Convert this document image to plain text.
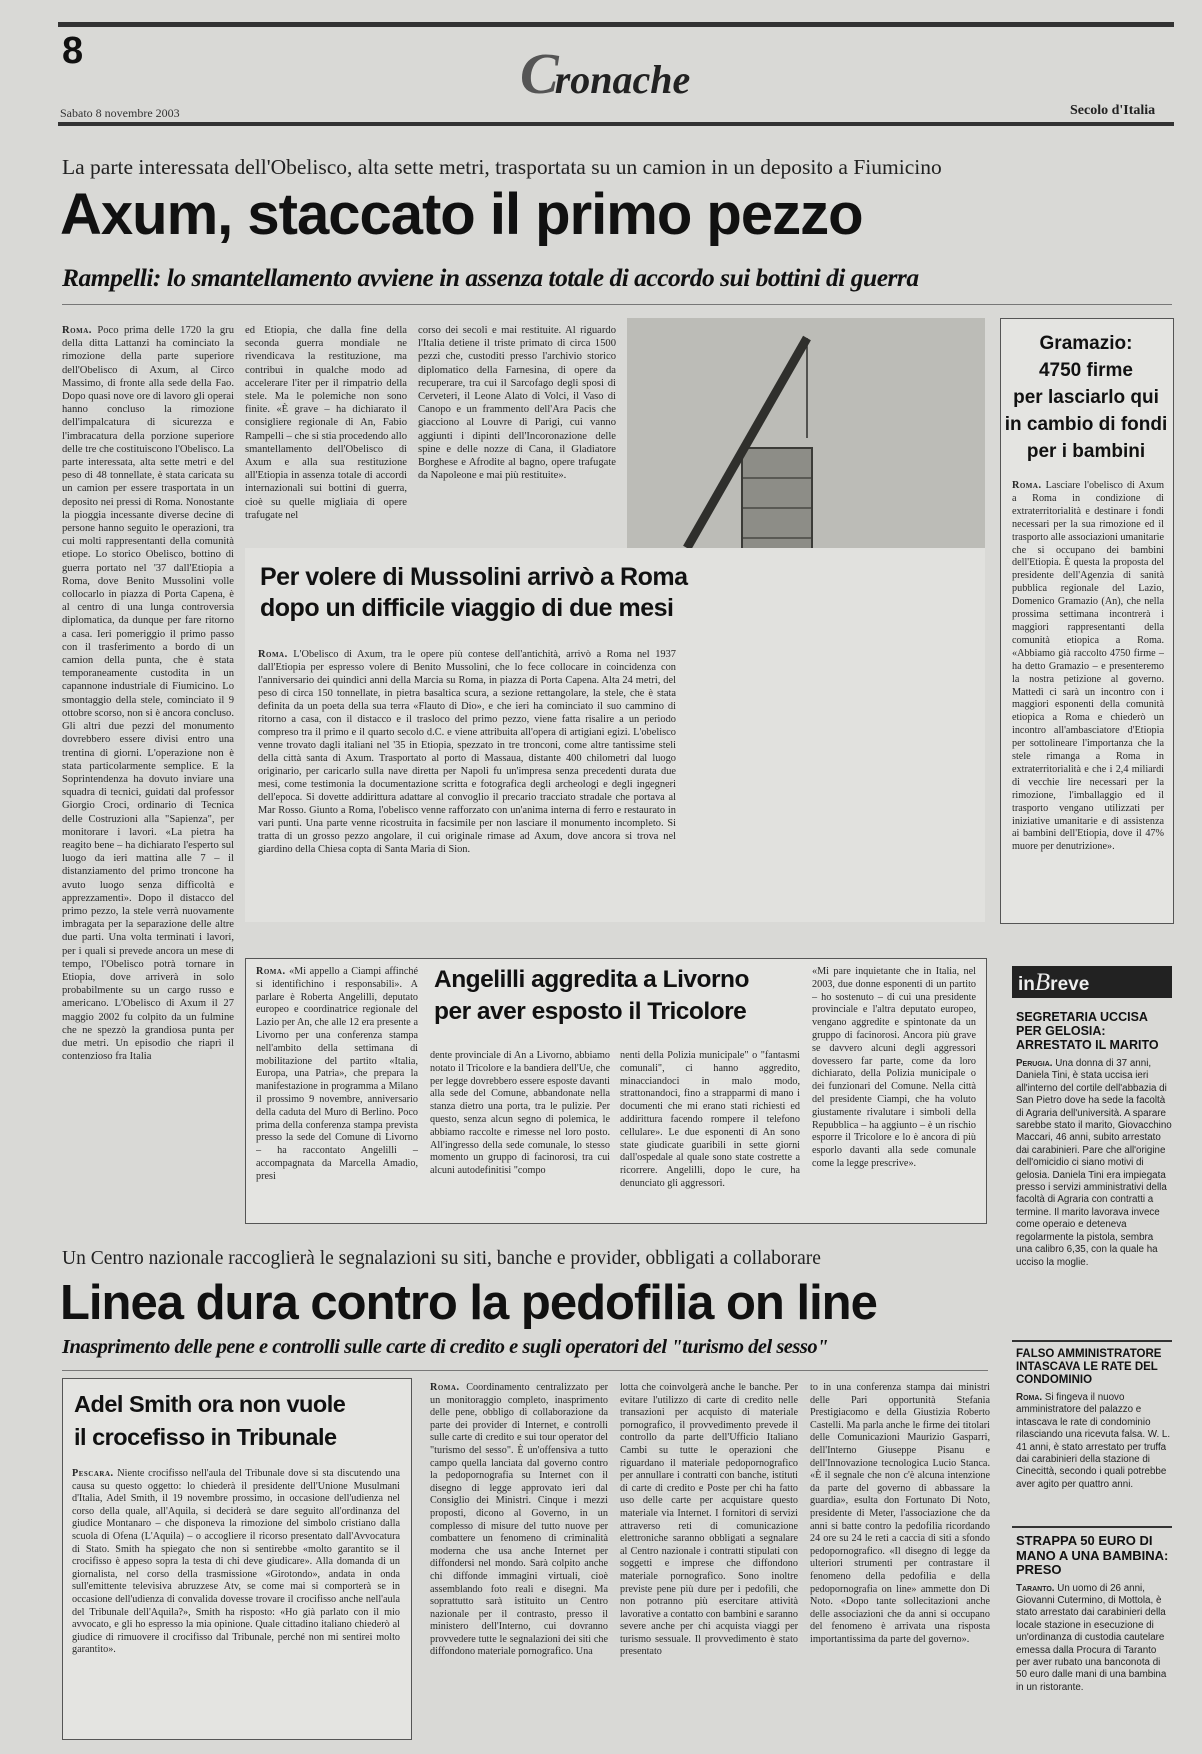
8	Cronache
Sabato 8 novembre 2003	Secolo d'Italia
La parte interessata dell'Obelisco, alta sette metri, trasportata su un camion in un deposito a Fiumicino
Axum, staccato il primo pezzo
Rampelli: lo smantellamento avviene in assenza totale di accordo sui bottini di guerra
Roma. Poco prima delle 1720 la gru della ditta Lattanzi ha cominciato la rimozione della parte superiore dell'Obelisco di Axum, al Circo Massimo, di fronte alla sede della Fao. Dopo quasi nove ore di lavoro gli operai hanno concluso la rimozione dell'impalcatura di sicurezza e l'imbracatura della porzione superiore delle tre che costituiscono l'Obelisco. La parte interessata, alta sette metri e del peso di 48 tonnellate, è stata caricata su un camion per essere trasportata in un deposito nei pressi di Roma. Nonostante la pioggia incessante diverse decine di persone hanno seguito le operazioni, tra cui molti rappresentanti della comunità etiope. Lo storico Obelisco, bottino di guerra portato nel '37 dall'Etiopia a Roma, dove Benito Mussolini volle collocarlo in piazza di Porta Capena, è al centro di una lunga controversia diplomatica, da dunque per fare ritorno a casa. Ieri pomeriggio il primo passo con il trasferimento a bordo di un camion della punta, che è stata temporaneamente custodita in un capannone industriale di Fiumicino. Lo smontaggio della stele, cominciato il 9 ottobre scorso, non si è ancora concluso. Gli altri due pezzi del monumento dovrebbero essere divisi entro una trentina di giorni. L'operazione non è stata particolarmente semplice. E la Soprintendenza ha dovuto inviare una squadra di tecnici, guidati dal professor Giorgio Croci, ordinario di Tecnica delle Costruzioni alla "Sapienza", per monitorare i lavori. «La pietra ha reagito bene – ha dichiarato l'esperto sul luogo da ieri mattina alle 7 – il distanziamento del primo troncone ha avuto luogo senza difficoltà e apprezzamenti». Dopo il distacco del primo pezzo, la stele verrà nuovamente imbragata per la separazione delle altre due parti. Una volta terminati i lavori, per i quali si prevede ancora un mese di tempo, l'Obelisco potrà tornare in Etiopia, dove arriverà in solo probabilmente su un cargo russo e americano. L'Obelisco di Axum il 27 maggio 2002 fu colpito da un fulmine che ne spezzò la grandiosa punta per due metri. Un episodio che riaprì il contenzioso fra Italia
ed Etiopia, che dalla fine della seconda guerra mondiale ne rivendicava la restituzione, ma contribuì in qualche modo ad accelerare l'iter per il rimpatrio della stele. Ma le polemiche non sono finite. «È grave – ha dichiarato il consigliere regionale di An, Fabio Rampelli – che si stia procedendo allo smantellamento dell'Obelisco di Axum e alla sua restituzione all'Etiopia in assenza totale di accordi internazionali sui bottini di guerra, cioè su quelle migliaia di opere trafugate nel
corso dei secoli e mai restituite. Al riguardo l'Italia detiene il triste primato di circa 1500 pezzi che, custoditi presso l'archivio storico diplomatico della Farnesina, di opere da recuperare, tra cui il Sarcofago degli sposi di Cerveteri, il Leone Alato di Volci, il Vaso di Canopo e un frammento dell'Ara Pacis che giacciono al Louvre di Parigi, cui vanno aggiunti i dipinti dell'Incoronazione delle spine e delle nozze di Cana, il Gladiatore Borghese e Afrodite al bagno, opere trafugate da Napoleone e mai più restituite».
Per volere di Mussolini arrivò a Roma
dopo un difficile viaggio di due mesi
Roma. L'Obelisco di Axum, tra le opere più contese dell'antichità, arrivò a Roma nel 1937 dall'Etiopia per espresso volere di Benito Mussolini, che lo fece collocare in coincidenza con l'anniversario dei quindici anni della Marcia su Roma, in piazza di Porta Capena. Alta 24 metri, del peso di circa 150 tonnellate, in pietra basaltica scura, a sezione rettangolare, la stele, che è stata definita da un poeta della sua terra «Flauto di Dio», e che ieri ha cominciato il suo cammino di ritorno a casa, con il distacco e il trasloco del primo pezzo, viene fatta risalire a un periodo compreso tra il primo e il quarto secolo d.C. e viene attribuita all'opera di artigiani egizi. L'obelisco venne trovato dagli italiani nel '35 in Etiopia, spezzato in tre tronconi, come altre tantissime steli della città santa di Axum. Trasportato al porto di Massaua, distante 400 chilometri dal luogo originario, per caricarlo sulla nave diretta per Napoli fu un'impresa senza precedenti durata due mesi, come testimonia la documentazione scritta e fotografica degli archeologi e degli ingegneri dell'epoca. Si dovette addirittura adattare al convoglio il precario tracciato stradale che portava al Mar Rosso. Giunto a Roma, l'obelisco venne rafforzato con un'anima interna di ferro e restaurato in vari punti. Una parte venne ricostruita in facsimile per non lasciare il monumento incompleto. Si tratta di un grosso pezzo angolare, il cui originale rimase ad Axum, dove ancora si trova nel giardino della Chiesa copta di Santa Maria di Sion.
Gramazio:
4750 firme
per lasciarlo qui
in cambio di fondi
per i bambini
Roma. Lasciare l'obelisco di Axum a Roma in condizione di extraterritorialità e destinare i fondi necessari per la sua rimozione ed il trasporto alle associazioni umanitarie che si occupano dei bambini dell'Etiopia. È questa la proposta del presidente dell'Agenzia di sanità pubblica regionale del Lazio, Domenico Gramazio (An), che nella prossima settimana incontrerà i maggiori rappresentanti della comunità etiopica a Roma. «Abbiamo già raccolto 4750 firme – ha detto Gramazio – e presenteremo la nostra petizione al governo. Mattedì ci sarà un incontro con i maggiori esponenti della comunità etiopica a Roma e chiederò un incontro all'ambasciatore d'Etiopia per sottolineare l'importanza che la stele rimanga a Roma in extraterritorialità e che i 2,4 miliardi di vecchie lire necessari per la rimozione, l'imballaggio ed il trasporto vengano utilizzati per iniziative umanitarie e di assistenza ai bambini dell'Etiopia, dove il 47% muore per denutrizione».
Roma. «Mi appello a Ciampi affinché si identifichino i responsabili». A parlare è Roberta Angelilli, deputato europeo e coordinatrice regionale del Lazio per An, che alle 12 era presente a Livorno per una conferenza stampa nell'ambito della settimana di mobilitazione del partito «Italia, Europa, una Patria», che prepara la manifestazione in programma a Milano il prossimo 9 novembre, anniversario della caduta del Muro di Berlino. Poco prima della conferenza stampa prevista presso la sede del Comune di Livorno – ha raccontato Angelilli – accompagnata da Marcella Amadio, presi
Angelilli aggredita a Livorno
per aver esposto il Tricolore
dente provinciale di An a Livorno, abbiamo notato il Tricolore e la bandiera dell'Ue, che per legge dovrebbero essere esposte davanti alla sede del Comune, abbandonate nella stanza dietro una porta, tra le pulizie. Per questo, senza alcun segno di polemica, le abbiamo raccolte e rimesse nel loro posto. All'ingresso della sede comunale, lo stesso momento un gruppo di facinorosi, tra cui alcuni autodefinitisi "compo
nenti della Polizia municipale" o "fantasmi comunali", ci hanno aggredito, minacciandoci in malo modo, strattonandoci, fino a strapparmi di mano i documenti che mi erano stati richiesti ed addirittura facendo rompere il telefono cellulare». Le due esponenti di An sono state giudicate guaribili in sette giorni dall'ospedale al quale sono state costrette a ricorrere. Angelilli, dopo le cure, ha denunciato gli aggressori.
«Mi pare inquietante che in Italia, nel 2003, due donne esponenti di un partito – ho sostenuto – di cui una presidente provinciale e l'altra deputato europeo, vengano aggredite e spintonate da un gruppo di facinorosi. Ancora più grave se davvero alcuni degli aggressori dovessero far parte, come da loro dichiarato, della Polizia municipale o dei funzionari del Comune. Nella città del presidente Ciampi, che ha voluto giustamente rivalutare i simboli della Repubblica – ha aggiunto – è un rischio esporre il Tricolore e lo è ancora di più esporlo davanti alla sede comunale come la legge prescrive».
Un Centro nazionale raccoglierà le segnalazioni su siti, banche e provider, obbligati a collaborare
Linea dura contro la pedofilia on line
Inasprimento delle pene e controlli sulle carte di credito e sugli operatori del "turismo del sesso"
Adel Smith ora non vuole
il crocefisso in Tribunale
Pescara. Niente crocifisso nell'aula del Tribunale dove si sta discutendo una causa su questo oggetto: lo chiederà il presidente dell'Unione Musulmani d'Italia, Adel Smith, il 19 novembre prossimo, in occasione dell'udienza nel corso della quale, all'Aquila, si deciderà se dare seguito all'ordinanza del giudice Montanaro – che disponeva la rimozione del simbolo cristiano dalla scuola di Ofena (L'Aquila) – o accogliere il ricorso presentato dall'Avvocatura di Stato. Smith ha spiegato che non si sentirebbe «molto garantito se il crocifisso è appeso sopra la testa di chi deve giudicare». Alla domanda di un giornalista, nel corso della trasmissione «Girotondo», andata in onda sull'emittente televisiva abruzzese Atv, se come mai si comporterà se in occasione dell'udienza di convalida dovesse trovare il crocifisso anche nell'aula del Tribunale dell'Aquila?», Smith ha risposto: «Ho già parlato con il mio avvocato, e gli ho espresso la mia opinione. Quale cittadino italiano chiederò al giudice di rimuovere il crocifisso dal Tribunale, perché non mi sentirei molto garantito».
Roma. Coordinamento centralizzato per un monitoraggio completo, inasprimento delle pene, obbligo di collaborazione da parte dei provider di Internet, e controlli sulle carte di credito e sui tour operator del "turismo del sesso". È un'offensiva a tutto campo quella lanciata dal governo contro la pedopornografia su Internet con il disegno di legge approvato ieri dal Consiglio dei Ministri. Cinque i mezzi proposti, dicono al Governo, in un complesso di misure del tutto nuove per combattere un fenomeno di criminalità moderna che usa anche Internet per diffondersi nel mondo. Sarà colpito anche chi diffonde immagini virtuali, cioè assemblando foto reali e disegni. Ma soprattutto sarà istituito un Centro nazionale per il contrasto, presso il ministero dell'Interno, cui dovranno provvedere tutte le segnalazioni dei siti che diffondono materiale pornografico. Una
lotta che coinvolgerà anche le banche. Per evitare l'utilizzo di carte di credito nelle transazioni per acquisto di materiale pornografico, il provvedimento prevede il controllo da parte dell'Ufficio Italiano Cambi su tutte le operazioni che riguardano il materiale pedopornografico per annullare i contratti con banche, istituti di carte di credito e Poste per chi ha fatto uso delle carte per acquistare questo materiale via Internet. I fornitori di servizi attraverso reti di comunicazione elettroniche saranno obbligati a segnalare al Centro nazionale i contratti stipulati con soggetti e imprese che diffondono materiale pornografico. Sono inoltre previste pene più dure per i pedofili, che non potranno più esercitare attività lavorative a contatto con bambini e saranno severe anche per chi acquista viaggi per turismo sessuale. Il provvedimento è stato presentato
to in una conferenza stampa dai ministri delle Pari opportunità Stefania Prestigiacomo e della Giustizia Roberto Castelli. Ma parla anche le firme dei titolari delle Comunicazioni Maurizio Gasparri, dell'Interno Giuseppe Pisanu e dell'Innovazione tecnologica Lucio Stanca. «È il segnale che non c'è alcuna intenzione da parte del governo di abbassare la guardia», esulta don Fortunato Di Noto, presidente di Meter, l'associazione che da anni si batte contro la pedofilia ricordando 24 ore su 24 le reti a caccia di siti a sfondo pedopornografico. «Il disegno di legge da ulteriori strumenti per contrastare il fenomeno della pedofilia e della pedopornografia on line» ammette don Di Noto. «Dopo tante sollecitazioni anche delle associazioni che da anni si occupano del fenomeno è arrivata una risposta importantissima da parte del governo».
inBreve
SEGRETARIA UCCISA PER GELOSIA: ARRESTATO IL MARITO
Perugia. Una donna di 37 anni, Daniela Tini, è stata uccisa ieri all'interno del cortile dell'abbazia di San Pietro dove ha sede la facoltà di Agraria dell'università. A sparare sarebbe stato il marito, Giovacchino Maccari, 46 anni, subito arrestato dai carabinieri. Pare che all'origine dell'omicidio ci siano motivi di gelosia. Daniela Tini era impiegata presso i servizi amministrativi della facoltà di Agraria con contratti a termine. Il marito lavorava invece come operaio e deteneva regolarmente la pistola, sembra una calibro 6,35, con la quale ha ucciso la moglie.
FALSO AMMINISTRATORE INTASCAVA LE RATE DEL CONDOMINIO
Roma. Si fingeva il nuovo amministratore del palazzo e intascava le rate di condominio rilasciando una ricevuta falsa. W. L. 41 anni, è stato arrestato per truffa dai carabinieri della stazione di Cinecittà, secondo i quali potrebbe aver agito per quattro anni.
STRAPPA 50 EURO DI MANO A UNA BAMBINA: PRESO
Taranto. Un uomo di 26 anni, Giovanni Cutermino, di Mottola, è stato arrestato dai carabinieri della locale stazione in esecuzione di un'ordinanza di custodia cautelare emessa dalla Procura di Taranto per aver rubato una banconota di 50 euro dalle mani di una bambina in un ristorante.
